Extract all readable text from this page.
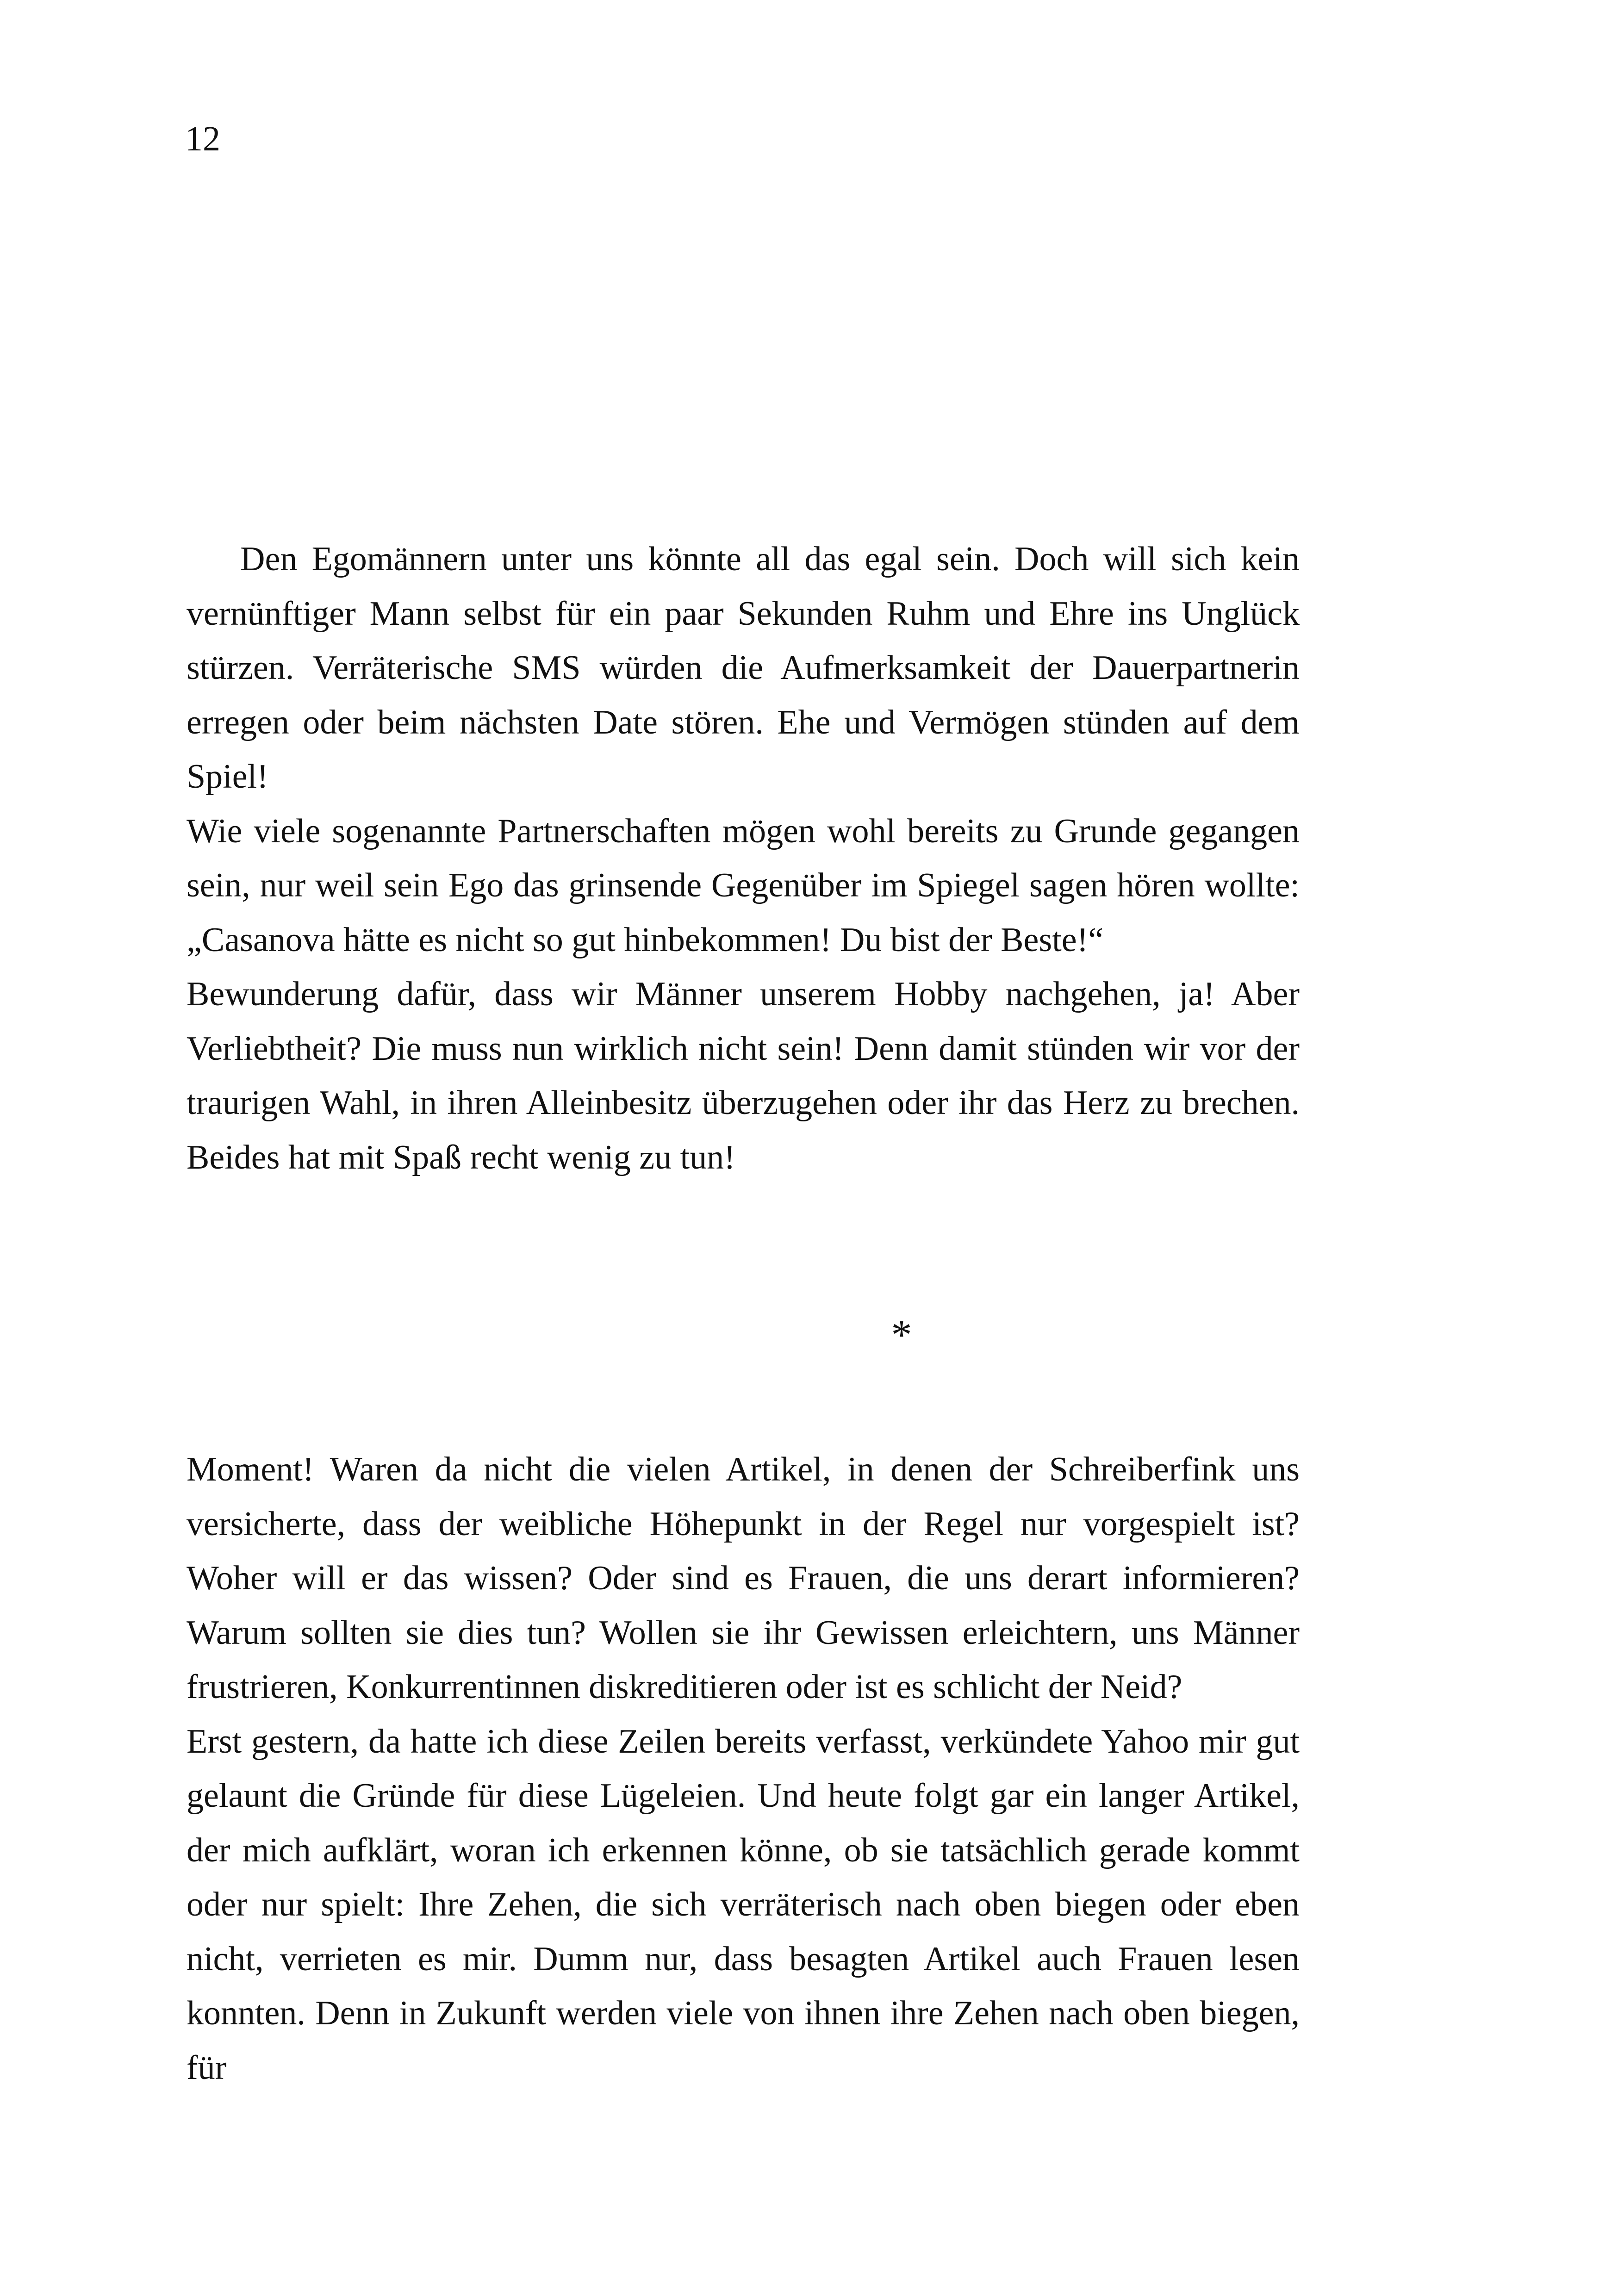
12

Den Egomännern unter uns könnte all das egal sein. Doch will sich kein vernünftiger Mann selbst für ein paar Sekunden Ruhm und Ehre ins Unglück stürzen. Verräterische SMS würden die Aufmerksamkeit der Dauerpartnerin erregen oder beim nächsten Date stören. Ehe und Vermögen stünden auf dem Spiel!

Wie viele sogenannte Partnerschaften mögen wohl bereits zu Grunde gegangen sein, nur weil sein Ego das grinsende Gegenüber im Spiegel sagen hören wollte: „Casanova hätte es nicht so gut hinbekommen! Du bist der Beste!“

Bewunderung dafür, dass wir Männer unserem Hobby nachgehen, ja! Aber Verliebtheit? Die muss nun wirklich nicht sein! Denn damit stünden wir vor der traurigen Wahl, in ihren Alleinbesitz überzugehen oder ihr das Herz zu brechen. Beides hat mit Spaß recht wenig zu tun!

*

Moment! Waren da nicht die vielen Artikel, in denen der Schreiberfink uns versicherte, dass der weibliche Höhepunkt in der Regel nur vorgespielt ist? Woher will er das wissen? Oder sind es Frauen, die uns derart informieren? Warum sollten sie dies tun? Wollen sie ihr Gewissen erleichtern, uns Männer frustrieren, Konkurrentinnen diskreditieren oder ist es schlicht der Neid?

Erst gestern, da hatte ich diese Zeilen bereits verfasst, verkündete Yahoo mir gut gelaunt die Gründe für diese Lügeleien. Und heute folgt gar ein langer Artikel, der mich aufklärt, woran ich erkennen könne, ob sie tatsächlich gerade kommt oder nur spielt: Ihre Zehen, die sich verräterisch nach oben biegen oder eben nicht, verrieten es mir. Dumm nur, dass besagten Artikel auch Frauen lesen konnten. Denn in Zukunft werden viele von ihnen ihre Zehen nach oben biegen, für
